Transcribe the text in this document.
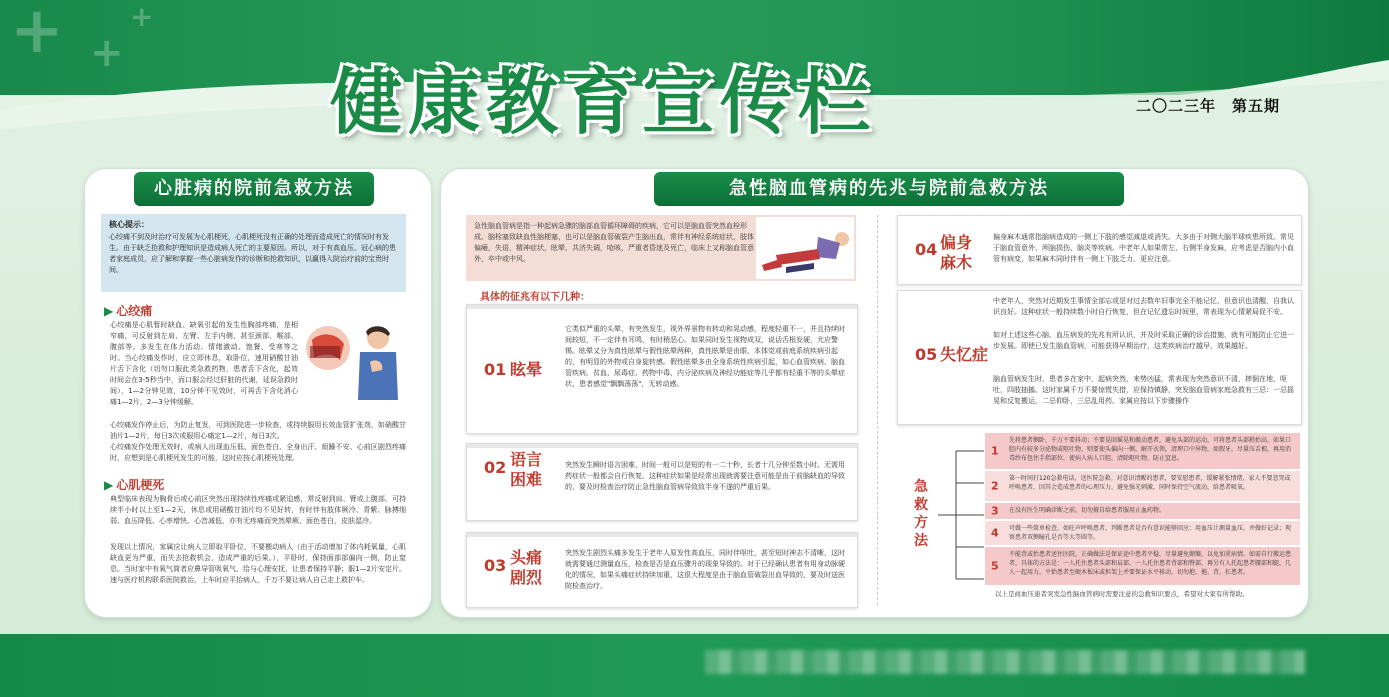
+ +
+
健康教育宣传栏	二〇二三年　第五期
心脏病的院前急救方法
核心提示：
心绞痛不到及时治疗可发展为心肌梗死，心肌梗死没有正确的处理而造成死亡的情况时有发生。由于缺乏抢救和护理知识是造成病人死亡的主要原因。所以，对于有高血压、冠心病的患者家庭成员，应了解和掌握一些心脏病发作的诊断和抢救知识，以赢得入院治疗前的宝贵时间。
▶ 心绞痛
心绞痛是心肌暂时缺血、缺氧引起的发生性胸部疼痛，是相窄痛，可反射到左肩、左臂、左手内侧，甚至颈部、喉部、腹部等。多发生在体力活动、情绪激动、饱餐、受寒等之时。当心绞痛发作时，应立即休息，取卧位，速用硝酸甘油片舌下含化（切勿口服此类急救药物，患者舌下含化，起效时间会在3-5秒当中，而口服会经过肝脏的代谢，延误急救时间），1—2分钟见效，10分钟不见效时，可再舌下含化消心痛1—2片，2—3分钟缓解。
心绞痛发作停止后，为防止复发，可到医院进一步检查，或持续服用长效血管扩张剂，如硝酸甘油片1—2片，每日3次或服用心痛定1—2片，每日3次。
心绞痛发作处理无效时，或病人出现血压低、面色苍白、全身出汗、烦躁不安、心前区剧烈疼痛时，应想到是心肌梗死发生的可能，这时应按心肌梗死处理。
▶ 心肌梗死
典型临床表现为胸骨后或心前区突然出现持续性疼痛或紧迫感，常反射到肩、臂或上腹部，可持续半小时以上至1—2天，休息或用硝酸甘油片均不见好转，有时伴有肢体厥冷、青紫、脉搏细弱、血压降低、心率增快、心音减低，亦有无疼痛而突然晕厥、面色苍白，皮肤湿冷。
发现以上情况，家属应让病人立即取平卧位，不要搬动病人（由于活动增加了体内耗氧量，心肌缺血更为严重，而失去抢救机会，造成严重的后果。），平卧时，保持面部部偏向一侧，防止窒息。当时家中有氧气筒者应鼻导管吸氧气，给与心理安抚，让患者保持平静；服1—2片安定片。速与医疗机构联系医院救治，上车时应平抬病人，千万不要让病人自己走上救护车。
急性脑血管病的先兆与院前急救方法
急性脑血管病是指一种起病急骤的脑部血管循环障碍的疾病，它可以是脑血管突然血栓形成、脑栓塞致缺血性脑梗塞，也可以是脑血管破裂产生脑出血，常伴有神经系统症状，肢体偏瘫，失语，精神症状，眩晕，共济失调，呛咳，严重者昏迷及死亡，临床上又称脑血管意外，卒中或中风。
具体的征兆有以下几种：
01 眩晕
它类似严重的头晕，有突然发生，视外界景物有转动和晃动感，程度轻重不一，并且持续时间较短，不一定伴有耳鸣，有时稍恶心。如果同时发生视物成双，说话舌根发硬，尤应警惕。眩晕又分为真性眩晕与假性眩晕两种，真性眩晕是由眼、本体觉或前庭系统疾病引起的，有明显的外物或自身旋转感。假性眩晕多由全身系统性疾病引起，如心血管疾病、脑血管疾病、贫血、尿毒症、药物中毒、内分泌疾病及神经功能症等几乎都有轻重不等的头晕症状，患者感觉"飘飘荡荡"，无转动感。
02 语言困难
突然发生瞬时语言困难，时间一般可以是短的有一二十秒，长者十几分钟至数小时。无需用药症状一般都会自行恢复。这种症状如果是经常出现就需要注意可能是由于前脑缺血的导致的，要及时检查治疗防止急性脑血管病导致致半身不遂的严重后果。
03 头痛剧烈
突然发生剧烈头痛多发生于老年人原发性高血压，同时伴呕吐，甚至短时神志不清晰，这时就需要通过测量血压，检查是否是血压骤升的现象导致的。对于已经确认患者有用身动脉硬化的情况，如果头痛症状持续加重，这很大程度是由于脑血管破裂出血导致的，要及时送医院检查治疗。
04 偏身麻木
偏身麻木通常指脑病造成的一侧上下肢的感觉减退或消失。大多由于对侧大脑半球疾患所致。常见于脑血管意外、颅脑损伤、脑炎等疾病。中老年人如果常左、右侧半身发麻，应考虑是否脑内小血管有病变，如果麻木同时伴有一侧上下肢乏力，更应注意。
05 失忆症
中老年人，突然对近期发生事情全部忘或是对过去数年旧事完全不能记忆，但意识也清醒，自我认识良好。这种症状一般持续数小时自行恢复，但在记忆遗忘时间里，常表现为心情紧局促不安。
如对上述这些心脑、血压病发的先兆有所认识，并及时采取正确的诊治措施，就有可能防止它进一步发展。即使已发生脑血管病，可能获得早期治疗，这类疾病治疗越早，效果越好。
脑血管病发生时，患者多在家中，起病突然，来势凶猛，常表现为突然意识不清，摔倒在地，呕吐，四肢抽搐。这时家属千万不要惊慌失措，应保持镇静，突发脑血管病家庭急救有三忌：一忌摇晃和反复搬运，二忌仰卧，三忌乱用药。家属应按以下步骤操作
急救方法
1
先将患者侧卧，千万不要抖动；不要晃回摇晃和搬动患者，避免头部的运动，可将患者头部稍抬高，如果口腔内有较多分泌物或呕吐物，则要使头偏向一侧，解开衣领，清理口中异物，如假牙，尽量压舌根，再用消毒纱布包住手指部位，使病人病人口腔，清除呕吐物，防止窒息。
2
第一时间打120急救电话，送医院急救。对意识清醒的患者，要安慰患者，缓解紧张情绪，家人不要悲哭或呼唤患者，因其会造成患者的心理压力。避免强光刺激，同时保持空气流动，给患者吸氧。
3 在没有医生明确诊断之前，切勿擅自给患者服用止血药物。
4 可做一些简单检查，如旺声呼唤患者，判断患者是否有意识能够回应；用血压计测量血压，并做好记录；观察患者双侧瞳孔是否等大等圆等。
5
不能背或抬患者送往医院，正确做法是保证途中患者平稳，尽量避免颠簸，以免加重病情。如需自行搬运患者，具体的方法是：一人托住患者头部和肩部，一人托住患者背部和臀部，再另有人托起患者腰部和腿，几人一起用力，平抬患者至硬木板床或担架上并要保证水平移动，切勿抱、拖、背、扛患者。
以上是商血压患者突发急性脑血管病时需要注意的急救知识要点，希望对大家有所帮助。
